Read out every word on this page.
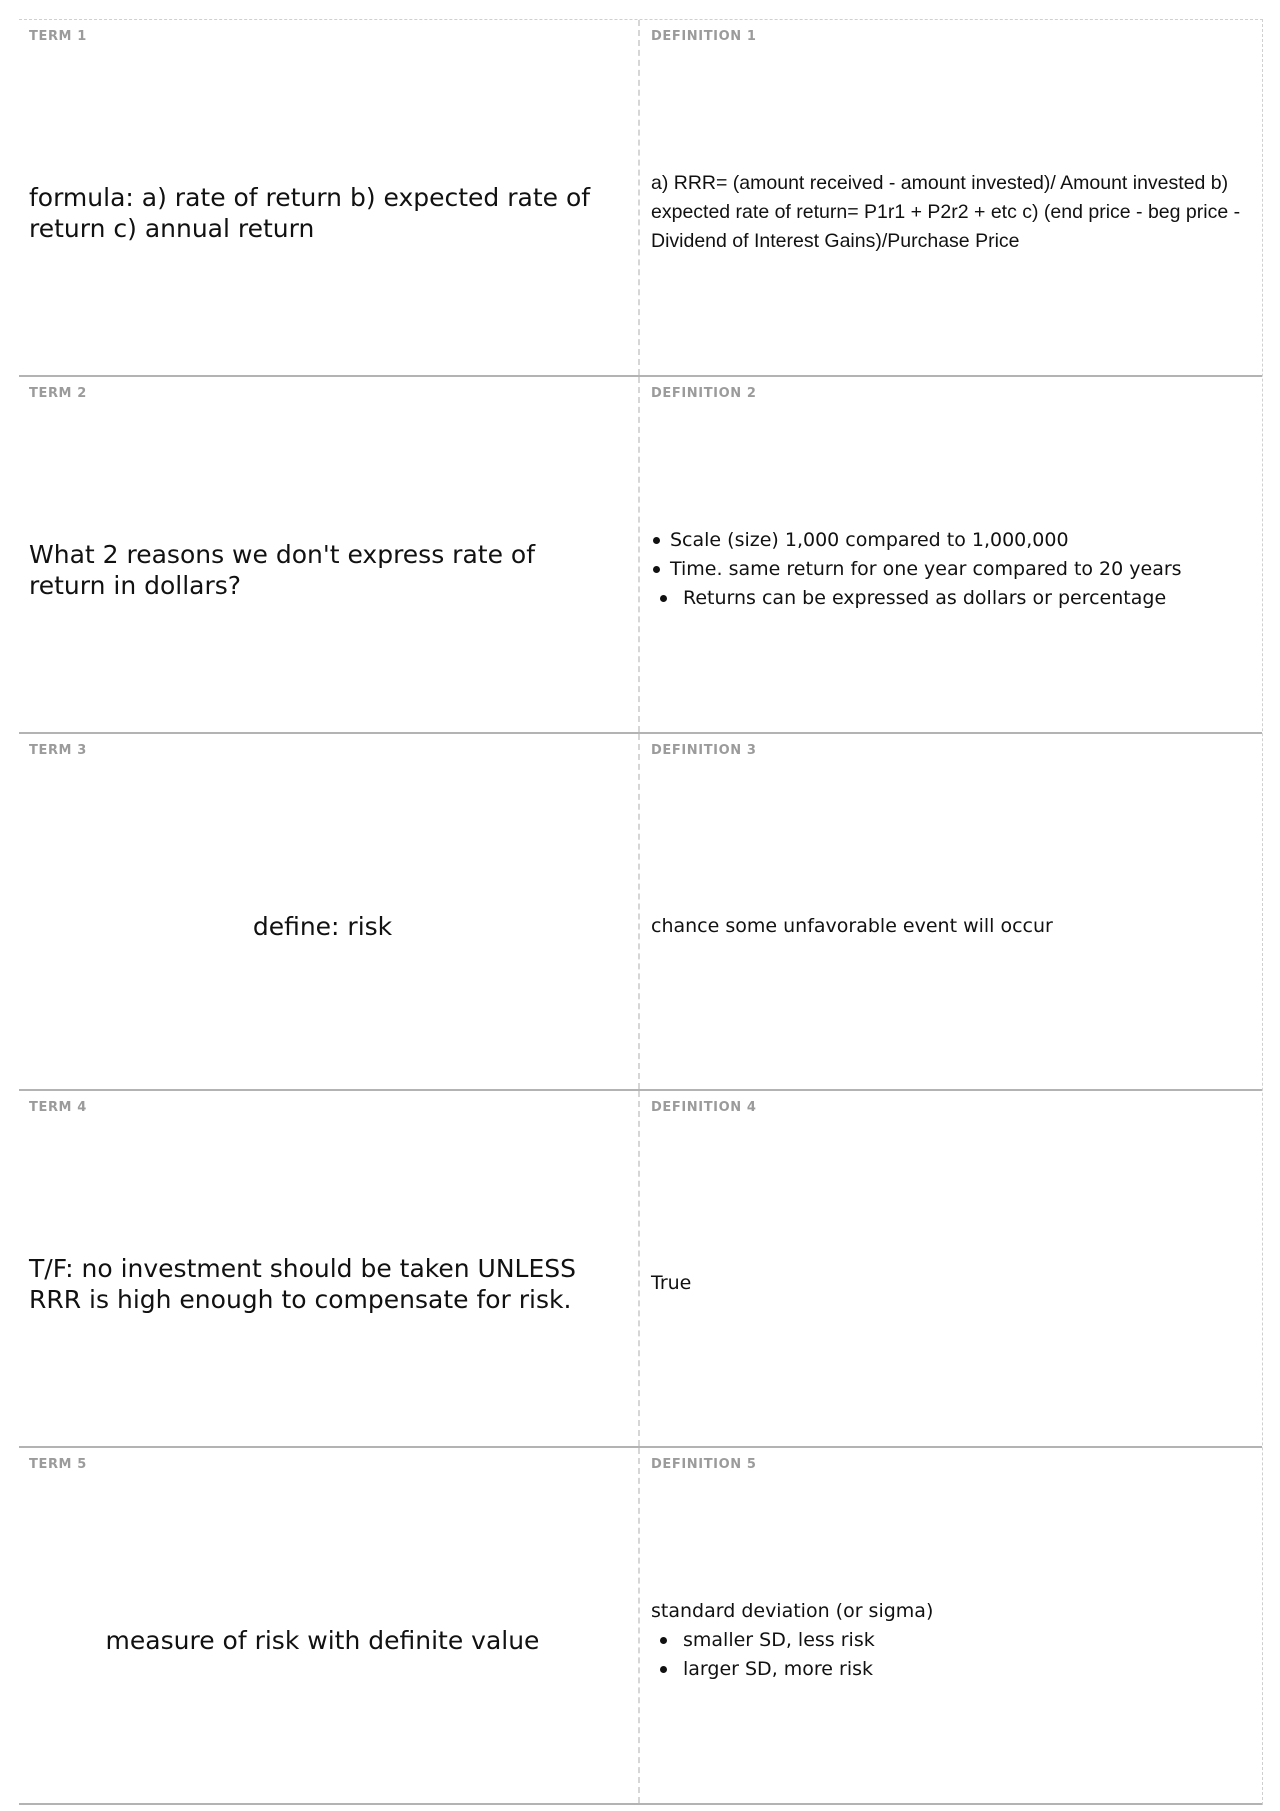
TERM 1
formula: a) rate of return b) expected rate of return c) annual return
DEFINITION 1
a) RRR= (amount received - amount invested)/ Amount invested b) expected rate of return= P1r1 + P2r2 + etc c) (end price - beg price - Dividend of Interest Gains)/Purchase Price
TERM 2
What 2 reasons we don't express rate of return in dollars?
DEFINITION 2
Scale (size) 1,000 compared to 1,000,000
Time. same return for one year compared to 20 years
Returns can be expressed as dollars or percentage
TERM 3
define: risk
DEFINITION 3
chance some unfavorable event will occur
TERM 4
T/F: no investment should be taken UNLESS RRR is high enough to compensate for risk.
DEFINITION 4
True
TERM 5
measure of risk with definite value
DEFINITION 5
standard deviation (or sigma)
smaller SD, less risk
larger SD, more risk
